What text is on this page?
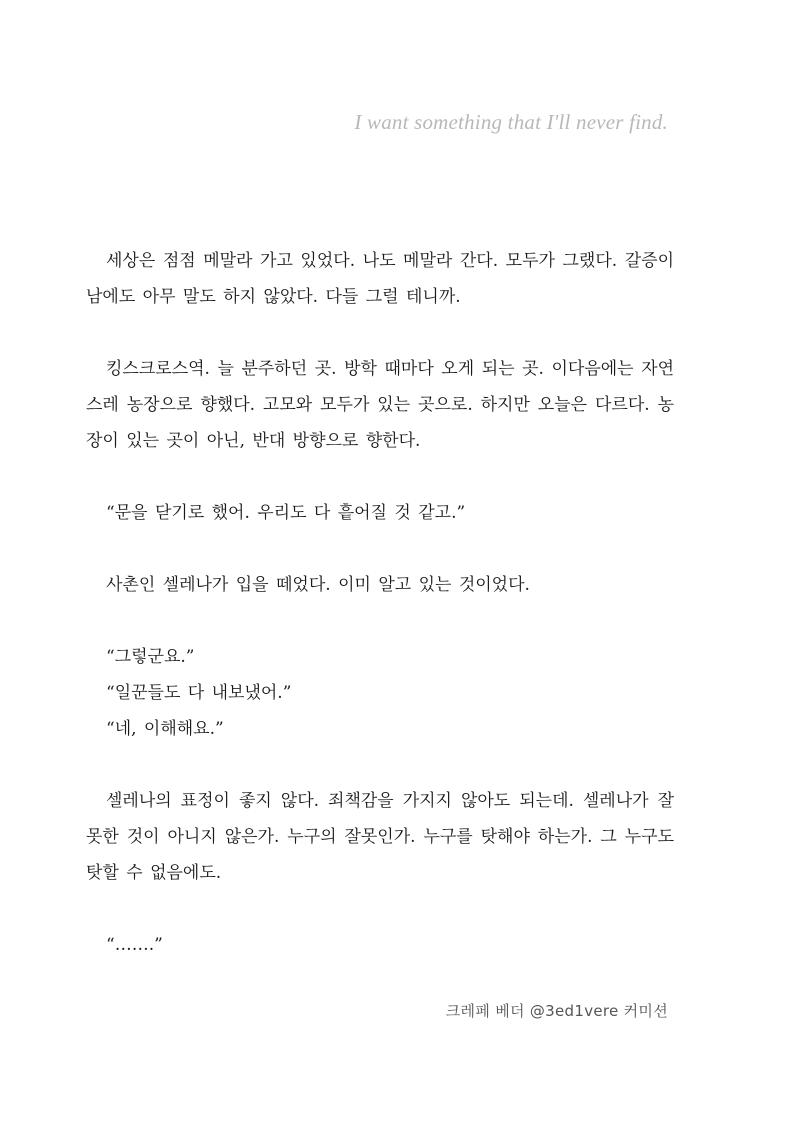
I want something that I'll never find.

세상은 점점 메말라 가고 있었다. 나도 메말라 간다. 모두가 그랬다. 갈증이 남에도 아무 말도 하지 않았다. 다들 그럴 테니까.

킹스크로스역. 늘 분주하던 곳. 방학 때마다 오게 되는 곳. 이다음에는 자연스레 농장으로 향했다. 고모와 모두가 있는 곳으로. 하지만 오늘은 다르다. 농장이 있는 곳이 아닌, 반대 방향으로 향한다.

“문을 닫기로 했어. 우리도 다 흩어질 것 같고.”

사촌인 셀레나가 입을 떼었다. 이미 알고 있는 것이었다.

“그렇군요.”

“일꾼들도 다 내보냈어.”

“네, 이해해요.”

셀레나의 표정이 좋지 않다. 죄책감을 가지지 않아도 되는데. 셀레나가 잘못한 것이 아니지 않은가. 누구의 잘못인가. 누구를 탓해야 하는가. 그 누구도 탓할 수 없음에도.

“…….”

크레페 베더 @3ed1vere 커미션
